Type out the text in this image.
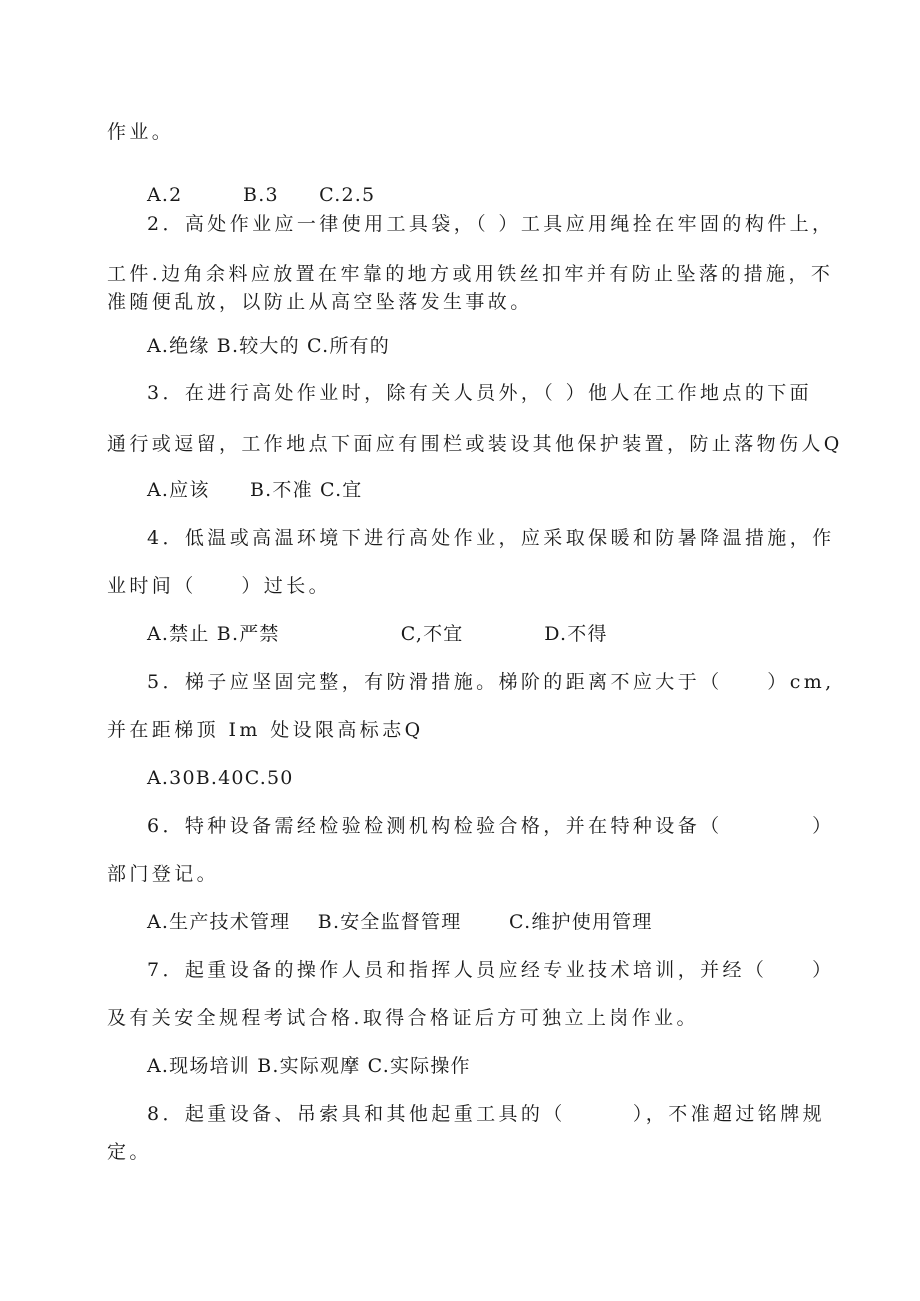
作业。
A.2　　　B.3　　C.2.5
2．高处作业应一律使用工具袋，（ ）工具应用绳拴在牢固的构件上，
工件.边角余料应放置在牢靠的地方或用铁丝扣牢并有防止坠落的措施，不
准随便乱放，以防止从高空坠落发生事故。
A.绝缘 B.较大的 C.所有的
3．在进行高处作业时，除有关人员外，（ ）他人在工作地点的下面
通行或逗留，工作地点下面应有围栏或装设其他保护装置，防止落物伤人Q
A.应该　　B.不准 C.宜
4．低温或高温环境下进行高处作业，应采取保暖和防暑降温措施，作
业时间（　　）过长。
A.禁止 B.严禁　　　　　　C,不宜　　　　D.不得
5．梯子应坚固完整，有防滑措施。梯阶的距离不应大于（　　）cm,
并在距梯顶 Im 处设限高标志Q
A.30B.40C.50
6．特种设备需经检验检测机构检验合格，并在特种设备（　　　　）
部门登记。
A.生产技术管理　 B.安全监督管理　　 C.维护使用管理
7．起重设备的操作人员和指挥人员应经专业技术培训，并经（　　）
及有关安全规程考试合格.取得合格证后方可独立上岗作业。
A.现场培训 B.实际观摩 C.实际操作
8．起重设备、吊索具和其他起重工具的（　　　），不准超过铭牌规
定。
